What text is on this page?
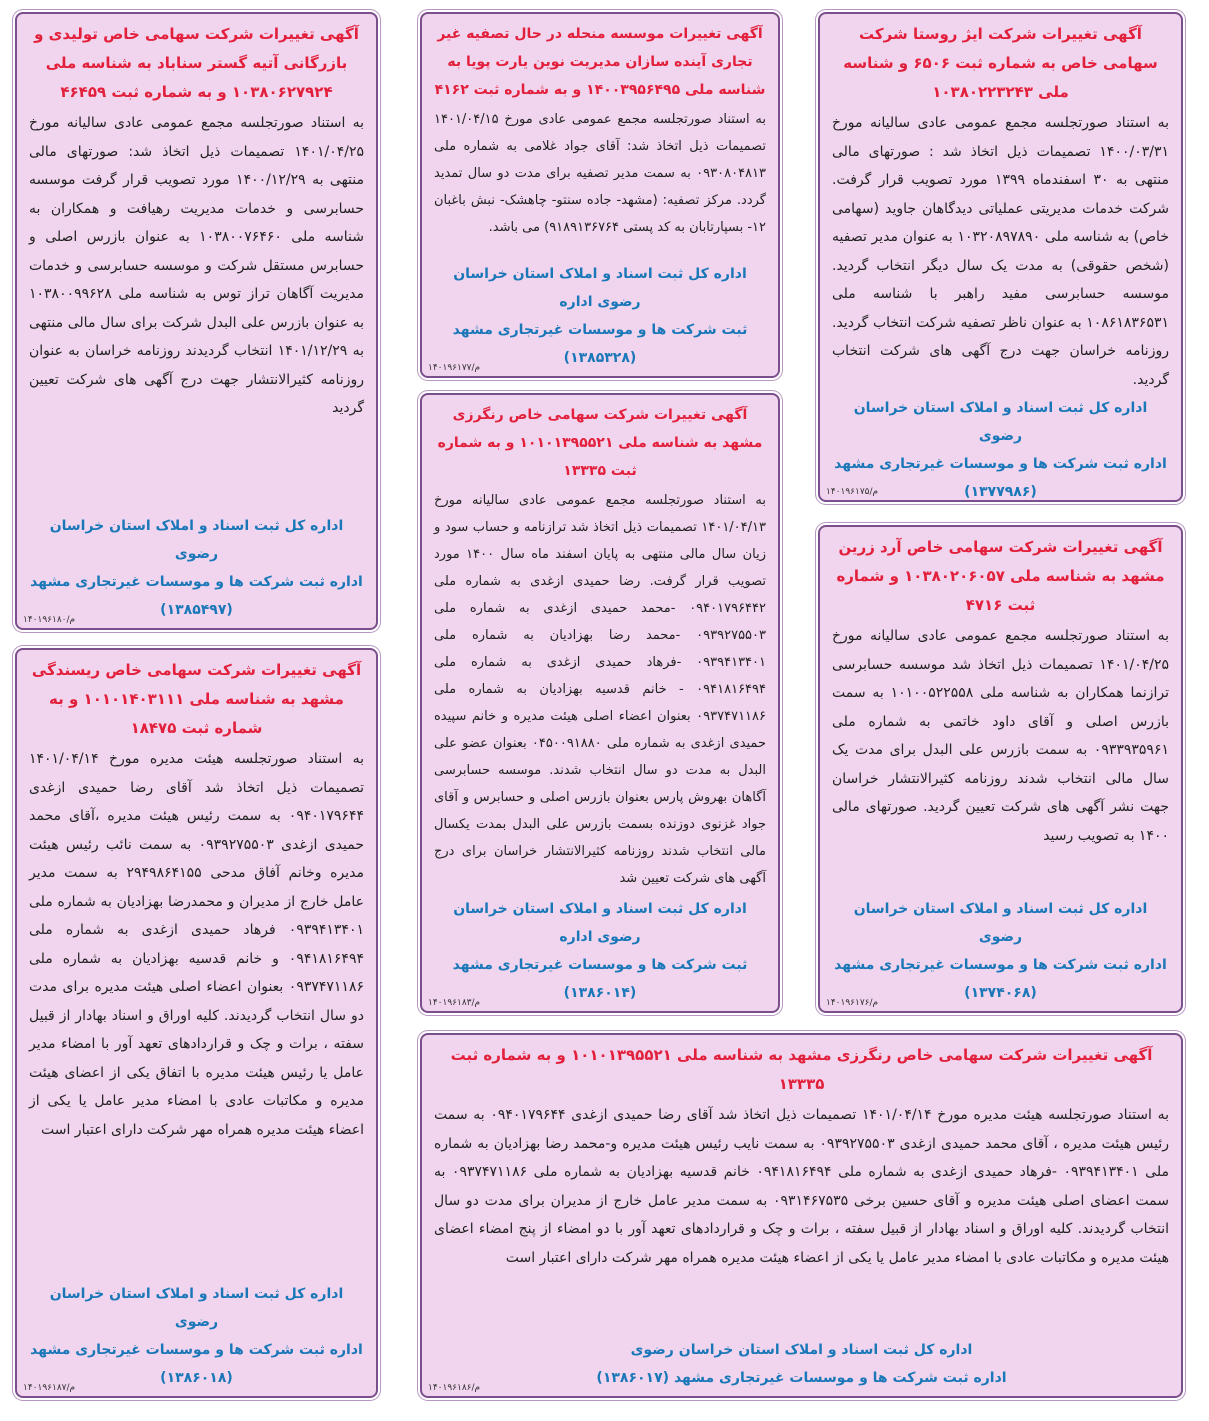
آگهی تغییرات شرکت ایژ روستا شرکت سهامی خاص به شماره ثبت ۶۵۰۶ و شناسه ملی ۱۰۳۸۰۲۲۳۲۴۳
به استناد صورتجلسه مجمع عمومی عادی سالیانه مورخ ۱۴۰۰/۰۳/۳۱ تصمیمات ذیل اتخاذ شد : صورتهای مالی منتهی به ۳۰ اسفندماه ۱۳۹۹ مورد تصویب قرار گرفت. شرکت خدمات مدیریتی عملیاتی دیدگاهان جاوید (سهامی خاص) به شناسه ملی ۱۰۳۲۰۸۹۷۸۹۰ به عنوان مدیر تصفیه (شخص حقوقی) به مدت یک سال دیگر انتخاب گردید. موسسه حسابرسی مفید راهبر با شناسه ملی ۱۰۸۶۱۸۳۶۵۳۱ به عنوان ناظر تصفیه شرکت انتخاب گردید. روزنامه خراسان جهت درج آگهی های شرکت انتخاب گردید.
اداره کل ثبت اسناد و املاک استان خراسان رضوی
اداره ثبت شرکت ها و موسسات غیرتجاری مشهد (۱۳۷۷۹۸۶)
م/۱۴۰۱۹۶۱۷۵
آگهی تغییرات شرکت سهامی خاص آرد زرین مشهد به شناسه ملی ۱۰۳۸۰۲۰۶۰۵۷ و شماره ثبت ۴۷۱۶
به استناد صورتجلسه مجمع عمومی عادی سالیانه مورخ ۱۴۰۱/۰۴/۲۵ تصمیمات ذیل اتخاذ شد موسسه حسابرسی ترازنما همکاران به شناسه ملی ۱۰۱۰۰۵۲۲۵۵۸ به سمت بازرس اصلی و آقای داود خاتمی به شماره ملی ۰۹۳۳۹۳۵۹۶۱ به سمت بازرس علی البدل برای مدت یک سال مالی انتخاب شدند روزنامه کثیرالانتشار خراسان جهت نشر آگهی های شرکت تعیین گردید. صورتهای مالی ۱۴۰۰ به تصویب رسید
اداره کل ثبت اسناد و املاک استان خراسان رضوی
اداره ثبت شرکت ها و موسسات غیرتجاری مشهد (۱۳۷۴۰۶۸)
م/۱۴۰۱۹۶۱۷۶
آگهی تغییرات موسسه منحله در حال تصفیه غیر تجاری آینده سازان مدیریت نوین یارت پویا به شناسه ملی ۱۴۰۰۳۹۵۶۴۹۵ و به شماره ثبت ۴۱۶۲
به استناد صورتجلسه مجمع عمومی عادی مورخ ۱۴۰۱/۰۴/۱۵ تصمیمات ذیل اتخاذ شد: آقای جواد غلامی به شماره ملی ۰۹۳۰۸۰۴۸۱۳ به سمت مدیر تصفیه برای مدت دو سال تمدید گردد. مرکز تصفیه: (مشهد- جاده سنتو- چاهشک- نبش باغبان ۱۲- بسپارتابان به کد پستی ۹۱۸۹۱۳۶۷۶۴) می باشد.
اداره کل ثبت اسناد و املاک استان خراسان رضوی اداره
ثبت شرکت ها و موسسات غیرتجاری مشهد (۱۳۸۵۳۲۸)
م/۱۴۰۱۹۶۱۷۷
آگهی تغییرات شرکت سهامی خاص رنگرزی مشهد به شناسه ملی ۱۰۱۰۱۳۹۵۵۲۱ و به شماره ثبت ۱۳۳۳۵
به استناد صورتجلسه مجمع عمومی عادی سالیانه مورخ ۱۴۰۱/۰۴/۱۳ تصمیمات ذیل اتخاذ شد ترازنامه و حساب سود و زیان سال مالی منتهی به پایان اسفند ماه سال ۱۴۰۰ مورد تصویب قرار گرفت. رضا حمیدی ازغدی به شماره ملی ۰۹۴۰۱۷۹۶۴۴۲ -محمد حمیدی ازغدی به شماره ملی ۰۹۳۹۲۷۵۵۰۳ -محمد رضا بهزادیان به شماره ملی ۰۹۳۹۴۱۳۴۰۱ -فرهاد حمیدی ازغدی به شماره ملی ۰۹۴۱۸۱۶۴۹۴ - خانم قدسیه بهزادیان به شماره ملی ۰۹۳۷۴۷۱۱۸۶ بعنوان اعضاء اصلی هیئت مدیره و خانم سپیده حمیدی ازغدی به شماره ملی ۰۴۵۰۰۹۱۸۸۰ بعنوان عضو علی البدل به مدت دو سال انتخاب شدند. موسسه حسابرسی آگاهان بهروش پارس بعنوان بازرس اصلی و حسابرس و آقای جواد غزنوی دوزنده بسمت بازرس علی البدل بمدت یکسال مالی انتخاب شدند روزنامه کثیرالانتشار خراسان برای درج آگهی های شرکت تعیین شد
اداره کل ثبت اسناد و املاک استان خراسان رضوی اداره
ثبت شرکت ها و موسسات غیرتجاری مشهد (۱۳۸۶۰۱۴)
م/۱۴۰۱۹۶۱۸۳
آگهی تغییرات شرکت سهامی خاص تولیدی و بازرگانی آتیه گستر سناباد به شناسه ملی ۱۰۳۸۰۶۲۷۹۲۴ و به شماره ثبت ۴۶۴۵۹
به استناد صورتجلسه مجمع عمومی عادی سالیانه مورخ ۱۴۰۱/۰۴/۲۵ تصمیمات ذیل اتخاذ شد: صورتهای مالی منتهی به ۱۴۰۰/۱۲/۲۹ مورد تصویب قرار گرفت موسسه حسابرسی و خدمات مدیریت رهیافت و همکاران به شناسه ملی ۱۰۳۸۰۰۷۶۴۶۰ به عنوان بازرس اصلی و حسابرس مستقل شرکت و موسسه حسابرسی و خدمات مدیریت آگاهان تراز توس به شناسه ملی ۱۰۳۸۰۰۹۹۶۲۸ به عنوان بازرس علی البدل شرکت برای سال مالی منتهی به ۱۴۰۱/۱۲/۲۹ انتخاب گردیدند روزنامه خراسان به عنوان روزنامه کثیرالانتشار جهت درج آگهی های شرکت تعیین گردید
اداره کل ثبت اسناد و املاک استان خراسان رضوی
اداره ثبت شرکت ها و موسسات غیرتجاری مشهد (۱۳۸۵۴۹۷)
م/۱۴۰۱۹۶۱۸۰
آگهی تغییرات شرکت سهامی خاص ریسندگی مشهد به شناسه ملی ۱۰۱۰۱۴۰۳۱۱۱ و به شماره ثبت ۱۸۴۷۵
به استناد صورتجلسه هیئت مدیره مورخ ۱۴۰۱/۰۴/۱۴ تصمیمات ذیل اتخاذ شد آقای رضا حمیدی ازغدی ۰۹۴۰۱۷۹۶۴۴ به سمت رئیس هیئت مدیره ،آقای محمد حمیدی ازغدی ۰۹۳۹۲۷۵۵۰۳ به سمت نائب رئیس هیئت مدیره وخانم آفاق مدحی ۲۹۴۹۸۶۴۱۵۵ به سمت مدیر عامل خارج از مدیران و محمدرضا بهزادیان به شماره ملی ۰۹۳۹۴۱۳۴۰۱ فرهاد حمیدی ازغدی به شماره ملی ۰۹۴۱۸۱۶۴۹۴ و خانم قدسیه بهزادیان به شماره ملی ۰۹۳۷۴۷۱۱۸۶ بعنوان اعضاء اصلی هیئت مدیره برای مدت دو سال انتخاب گردیدند. کلیه اوراق و اسناد بهادار از قبیل سفته ، برات و چک و قراردادهای تعهد آور با امضاء مدیر عامل یا رئیس هیئت مدیره با اتفاق یکی از اعضای هیئت مدیره و مکاتبات عادی با امضاء مدیر عامل یا یکی از اعضاء هیئت مدیره همراه مهر شرکت دارای اعتبار است
اداره کل ثبت اسناد و املاک استان خراسان رضوی
اداره ثبت شرکت ها و موسسات غیرتجاری مشهد (۱۳۸۶۰۱۸)
م/۱۴۰۱۹۶۱۸۷
آگهی تغییرات شرکت سهامی خاص رنگرزی مشهد به شناسه ملی ۱۰۱۰۱۳۹۵۵۲۱ و به شماره ثبت ۱۳۳۳۵
به استناد صورتجلسه هیئت مدیره مورخ ۱۴۰۱/۰۴/۱۴ تصمیمات ذیل اتخاذ شد آقای رضا حمیدی ازغدی ۰۹۴۰۱۷۹۶۴۴ به سمت رئیس هیئت مدیره ، آقای محمد حمیدی ازغدی ۰۹۳۹۲۷۵۵۰۳ به سمت نایب رئیس هیئت مدیره و-محمد رضا بهزادیان به شماره ملی ۰۹۳۹۴۱۳۴۰۱ -فرهاد حمیدی ازغدی به شماره ملی ۰۹۴۱۸۱۶۴۹۴ خانم قدسیه بهزادیان به شماره ملی ۰۹۳۷۴۷۱۱۸۶ به سمت اعضای اصلی هیئت مدیره و آقای حسین برخی ۰۹۳۱۴۶۷۵۳۵ به سمت مدیر عامل خارج از مدیران برای مدت دو سال انتخاب گردیدند. کلیه اوراق و اسناد بهادار از قبیل سفته ، برات و چک و قراردادهای تعهد آور با دو امضاء از پنج امضاء اعضای هیئت مدیره و مکاتبات عادی با امضاء مدیر عامل یا یکی از اعضاء هیئت مدیره همراه مهر شرکت دارای اعتبار است
اداره کل ثبت اسناد و املاک استان خراسان رضوی
اداره ثبت شرکت ها و موسسات غیرتجاری مشهد (۱۳۸۶۰۱۷)
م/۱۴۰۱۹۶۱۸۶
